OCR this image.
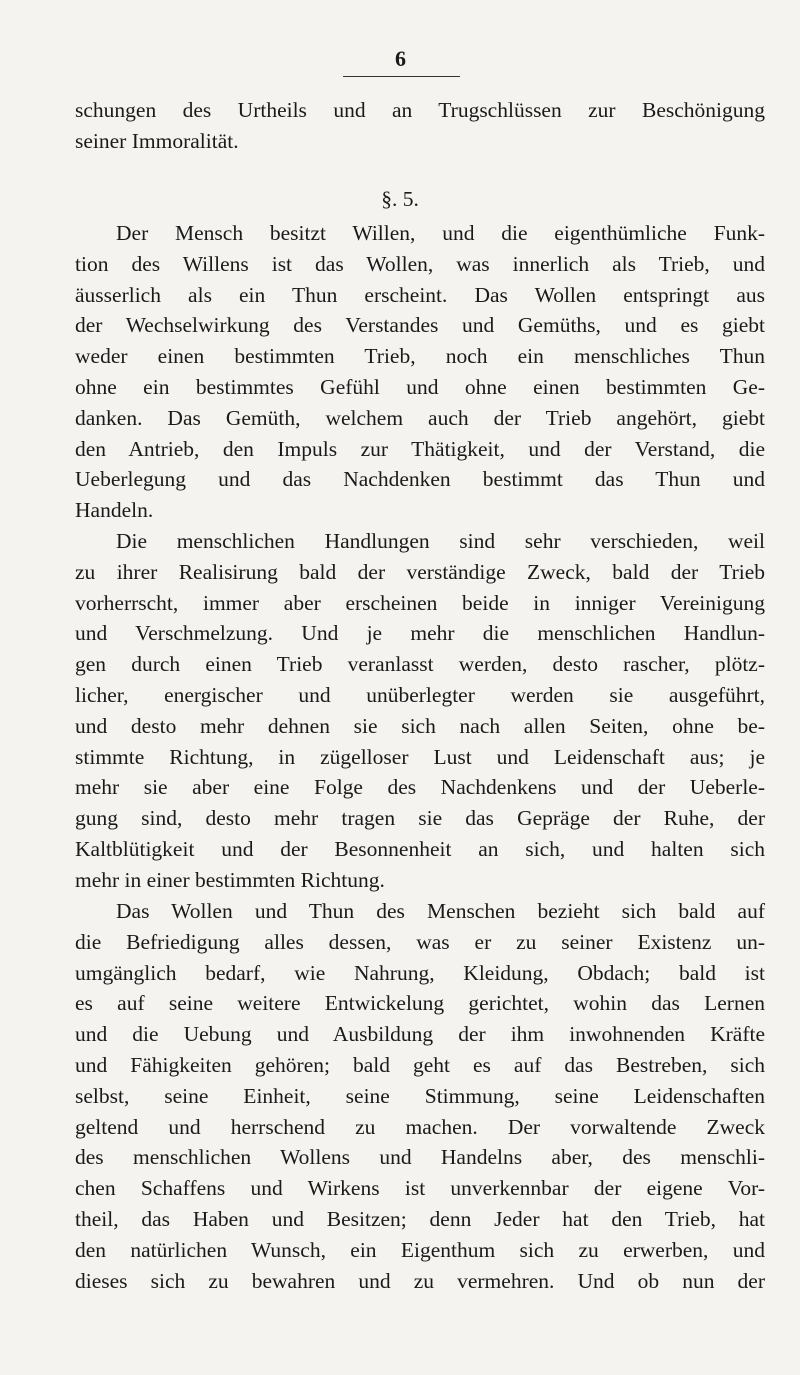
6
schungen des Urtheils und an Trugschlüssen zur Beschönigung
seiner Immoralität.
§. 5.
Der Mensch besitzt Willen, und die eigenthümliche Funk-
tion des Willens ist das Wollen, was innerlich als Trieb, und
äusserlich als ein Thun erscheint. Das Wollen entspringt aus
der Wechselwirkung des Verstandes und Gemüths, und es giebt
weder einen bestimmten Trieb, noch ein menschliches Thun
ohne ein bestimmtes Gefühl und ohne einen bestimmten Ge-
danken. Das Gemüth, welchem auch der Trieb angehört, giebt
den Antrieb, den Impuls zur Thätigkeit, und der Verstand, die
Ueberlegung und das Nachdenken bestimmt das Thun und
Handeln.
Die menschlichen Handlungen sind sehr verschieden, weil
zu ihrer Realisirung bald der verständige Zweck, bald der Trieb
vorherrscht, immer aber erscheinen beide in inniger Vereinigung
und Verschmelzung. Und je mehr die menschlichen Handlun-
gen durch einen Trieb veranlasst werden, desto rascher, plötz-
licher, energischer und unüberlegter werden sie ausgeführt,
und desto mehr dehnen sie sich nach allen Seiten, ohne be-
stimmte Richtung, in zügelloser Lust und Leidenschaft aus; je
mehr sie aber eine Folge des Nachdenkens und der Ueberle-
gung sind, desto mehr tragen sie das Gepräge der Ruhe, der
Kaltblütigkeit und der Besonnenheit an sich, und halten sich
mehr in einer bestimmten Richtung.
Das Wollen und Thun des Menschen bezieht sich bald auf
die Befriedigung alles dessen, was er zu seiner Existenz un-
umgänglich bedarf, wie Nahrung, Kleidung, Obdach; bald ist
es auf seine weitere Entwickelung gerichtet, wohin das Lernen
und die Uebung und Ausbildung der ihm inwohnenden Kräfte
und Fähigkeiten gehören; bald geht es auf das Bestreben, sich
selbst, seine Einheit, seine Stimmung, seine Leidenschaften
geltend und herrschend zu machen. Der vorwaltende Zweck
des menschlichen Wollens und Handelns aber, des menschli-
chen Schaffens und Wirkens ist unverkennbar der eigene Vor-
theil, das Haben und Besitzen; denn Jeder hat den Trieb, hat
den natürlichen Wunsch, ein Eigenthum sich zu erwerben, und
dieses sich zu bewahren und zu vermehren. Und ob nun der
